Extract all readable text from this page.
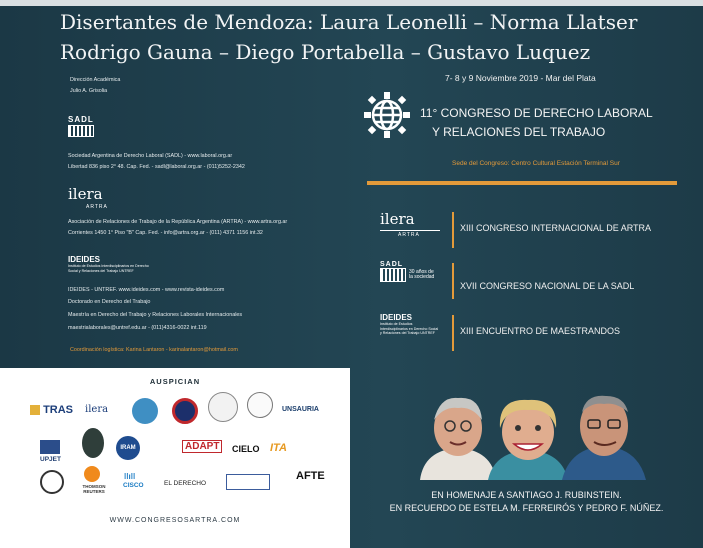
Disertantes de Mendoza: Laura Leonelli – Norma Llatser
Rodrigo Gauna – Diego Portabella – Gustavo Luquez
Dirección Académica
Julio A. Grisolia
SADL
Sociedad Argentina de Derecho Laboral (SADL) - www.laboral.org.ar
Libertad 836 piso 2° 48. Cap. Fed. - sadl@laboral.org.ar - (011)5252-2342
ilera
ARTRA
Asociación de Relaciones de Trabajo de la República Argentina (ARTRA) - www.artra.org.ar
Corrientes 1450 1° Piso "B" Cap. Fed. - info@artra.org.ar - (011) 4371 1156 int.32
IDEIDES
Instituto de Estudios Interdisciplinarios en Derecho Social y Relaciones del Trabajo UNTREF
IDEIDES - UNTREF. www.ideides.com - www.revista-ideides.com
Doctorado en Derecho del Trabajo
Maestría en Derecho del Trabajo y Relaciones Laborales Internacionales
maestrialaborales@untref.edu.ar - (011)4316-0022 int.119
Coordinación logística: Karina Lantaron - karinalantaron@hotmail.com
7- 8 y 9 Noviembre 2019 - Mar del Plata
11° CONGRESO DE DERECHO LABORAL
Y RELACIONES DEL TRABAJO
Sede del Congreso: Centro Cultural Estación Terminal Sur
ilera
ARTRA
XIII CONGRESO INTERNACIONAL DE ARTRA
SADL
30 años de la sociedad
XVII CONGRESO NACIONAL DE LA SADL
IDEIDES
Instituto de Estudios Interdisciplinarios en Derecho Social y Relaciones del Trabajo UNTREF	XIII ENCUENTRO DE MAESTRANDOS
EN HOMENAJE A SANTIAGO J. RUBINSTEIN.
EN RECUERDO DE ESTELA M. FERREIRÓS Y PEDRO F. NÚÑEZ.
AUSPICIAN
TRAS ilera	UNSAURIA
UPJET
IRAM	ADAPT	CIELO ITA
THOMSON REUTERS
ǀǀıǀǀ
CISCO	EL DERECHO
AFTE
WWW.CONGRESOSARTRA.COM
